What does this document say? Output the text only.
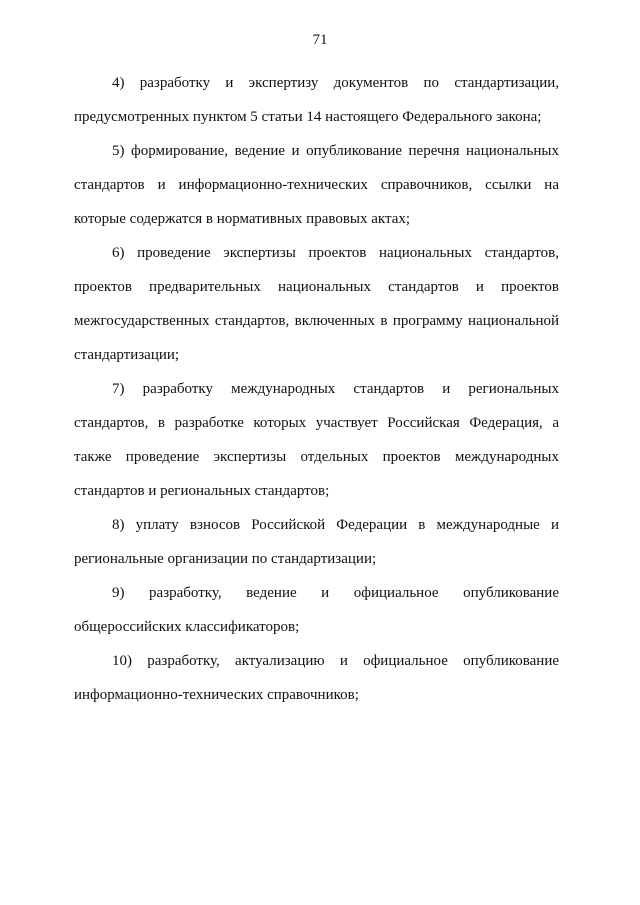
71

4) разработку и экспертизу документов по стандартизации, предусмотренных пунктом 5 статьи 14 настоящего Федерального закона;

5) формирование, ведение и опубликование перечня национальных стандартов и информационно-технических справочников, ссылки на которые содержатся в нормативных правовых актах;

6) проведение экспертизы проектов национальных стандартов, проектов предварительных национальных стандартов и проектов межгосударственных стандартов, включенных в программу национальной стандартизации;

7) разработку международных стандартов и региональных стандартов, в разработке которых участвует Российская Федерация, а также проведение экспертизы отдельных проектов международных стандартов и региональных стандартов;

8) уплату взносов Российской Федерации в международные и региональные организации по стандартизации;

9) разработку, ведение и официальное опубликование общероссийских классификаторов;

10) разработку, актуализацию и официальное опубликование информационно-технических справочников;
